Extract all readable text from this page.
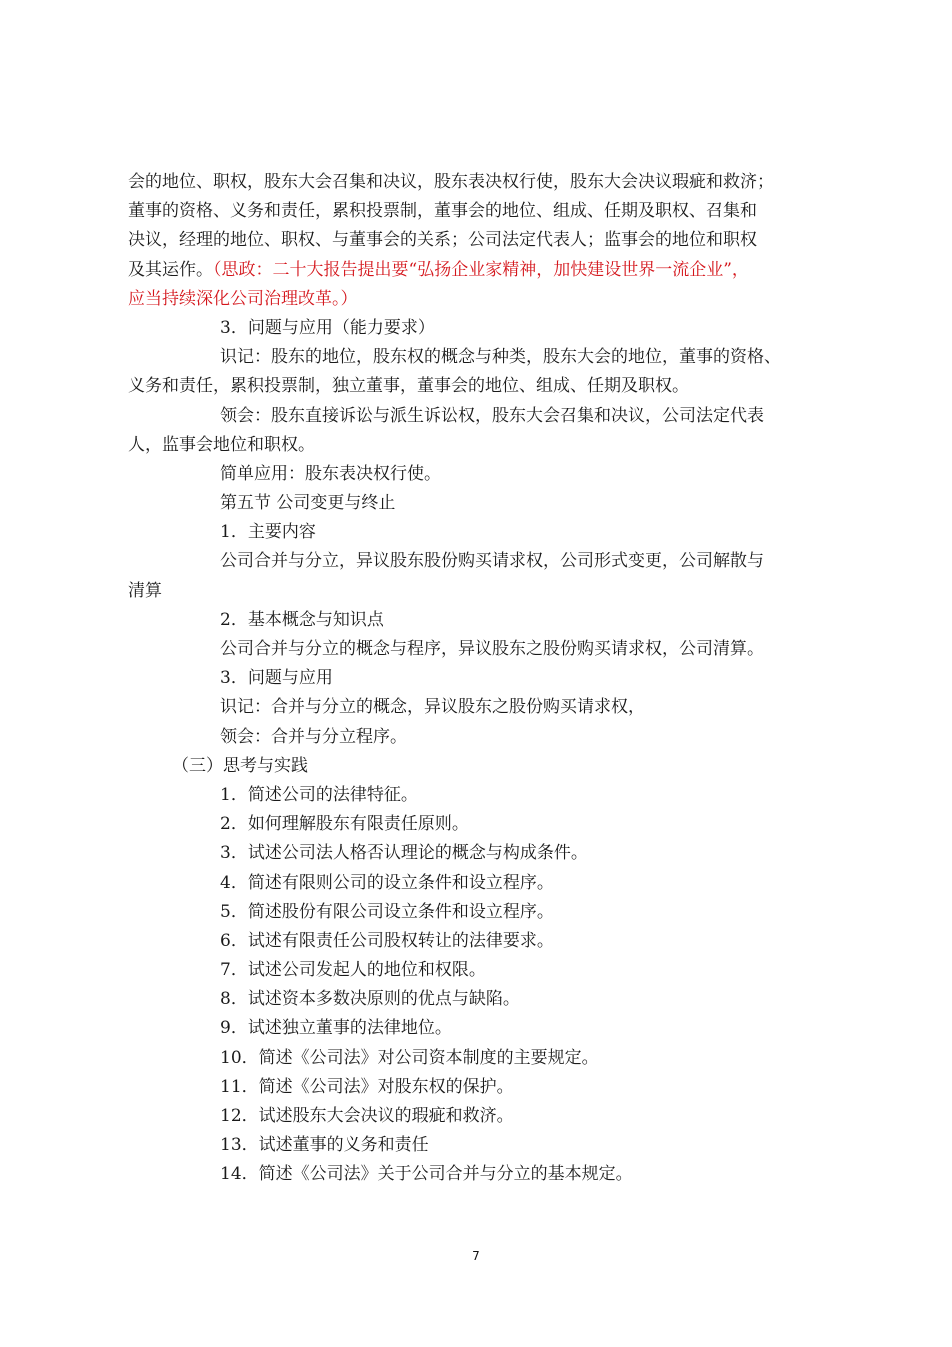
会的地位、职权，股东大会召集和决议，股东表决权行使，股东大会决议瑕疵和救济；
董事的资格、义务和责任，累积投票制，董事会的地位、组成、任期及职权、召集和
决议，经理的地位、职权、与董事会的关系；公司法定代表人；监事会的地位和职权
及其运作。（思政：二十大报告提出要“弘扬企业家精神，加快建设世界一流企业”，
应当持续深化公司治理改革。）
3．问题与应用（能力要求）
识记：股东的地位，股东权的概念与种类，股东大会的地位，董事的资格、
义务和责任，累积投票制，独立董事，董事会的地位、组成、任期及职权。
领会：股东直接诉讼与派生诉讼权，股东大会召集和决议，公司法定代表
人，监事会地位和职权。
简单应用：股东表决权行使。
第五节 公司变更与终止
1．主要内容
公司合并与分立，异议股东股份购买请求权，公司形式变更，公司解散与
清算
2．基本概念与知识点
公司合并与分立的概念与程序，异议股东之股份购买请求权，公司清算。
3．问题与应用
识记：合并与分立的概念，异议股东之股份购买请求权，
领会：合并与分立程序。
（三）思考与实践
1．简述公司的法律特征。
2．如何理解股东有限责任原则。
3．试述公司法人格否认理论的概念与构成条件。
4．简述有限则公司的设立条件和设立程序。
5．简述股份有限公司设立条件和设立程序。
6．试述有限责任公司股权转让的法律要求。
7．试述公司发起人的地位和权限。
8．试述资本多数决原则的优点与缺陷。
9．试述独立董事的法律地位。
10．简述《公司法》对公司资本制度的主要规定。
11．简述《公司法》对股东权的保护。
12．试述股东大会决议的瑕疵和救济。
13．试述董事的义务和责任
14．简述《公司法》关于公司合并与分立的基本规定。
7
